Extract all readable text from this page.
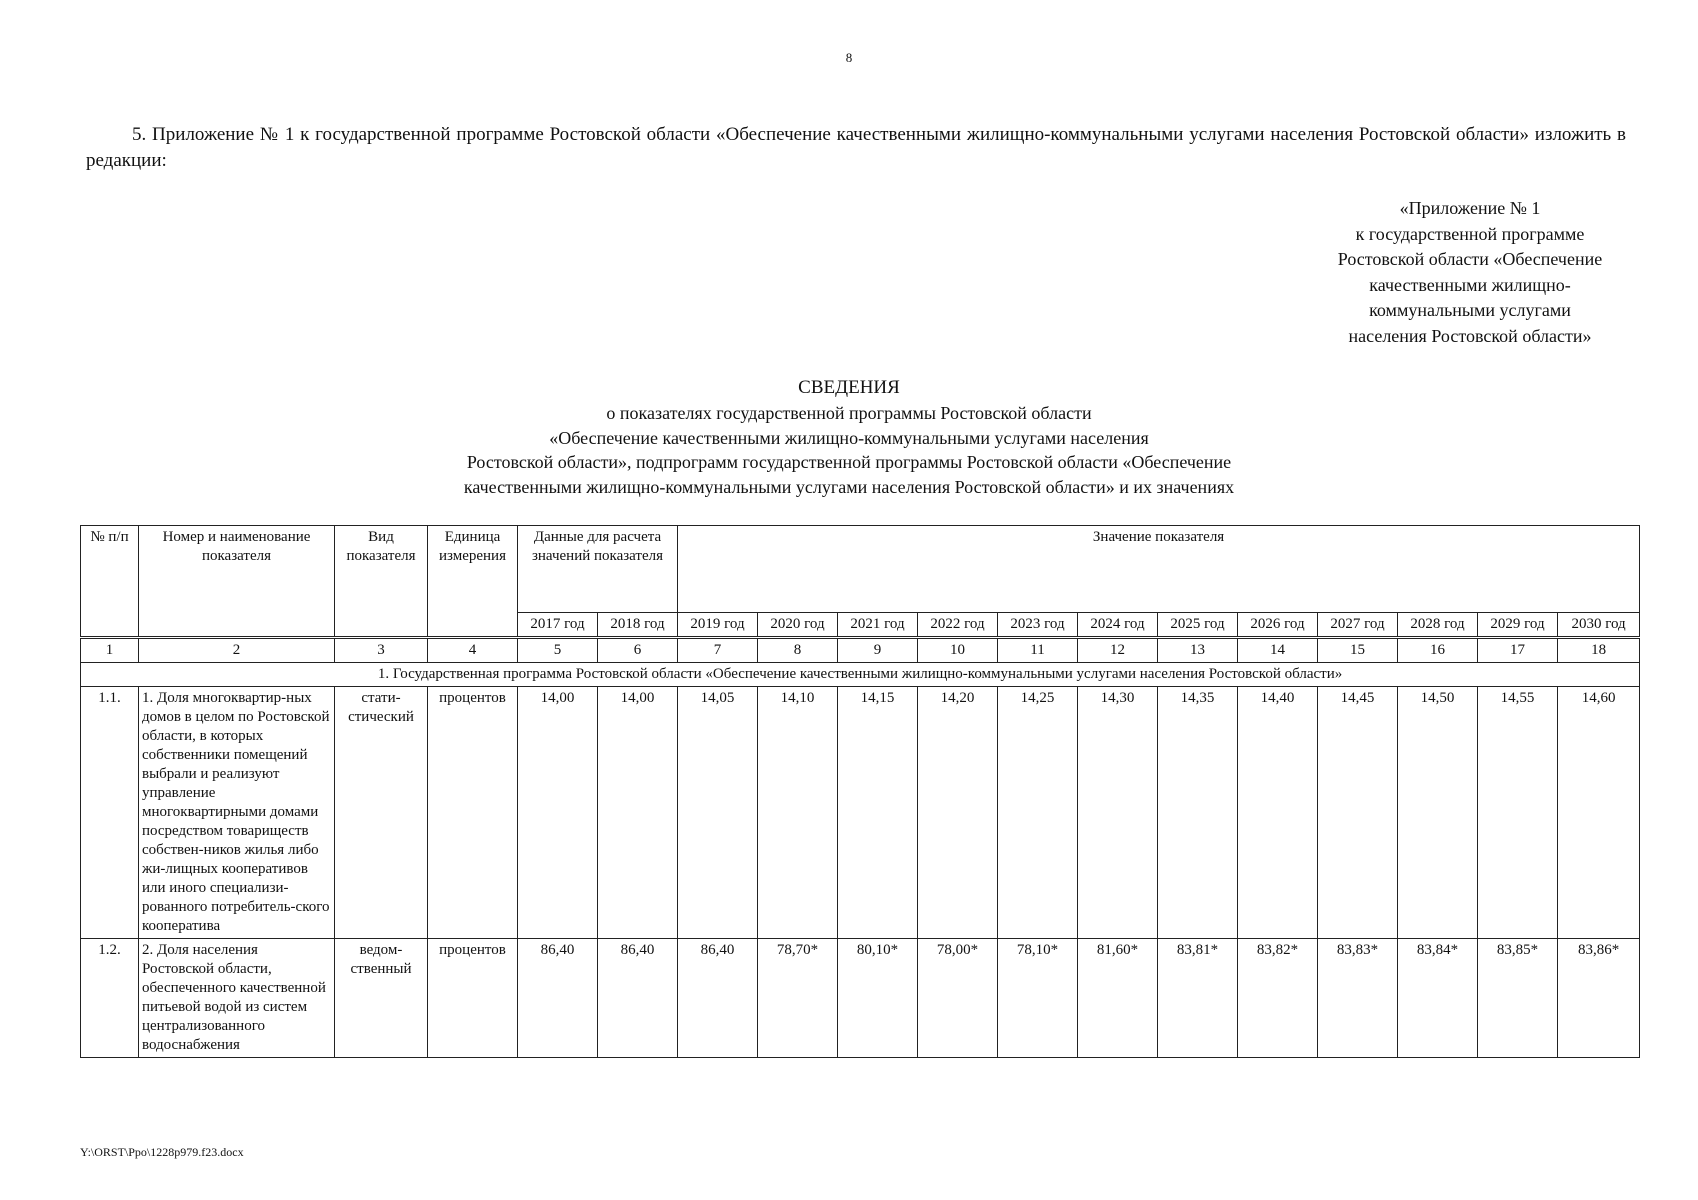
8
5. Приложение № 1 к государственной программе Ростовской области «Обеспечение качественными жилищно-коммунальными услугами населения Ростовской области» изложить в редакции:
«Приложение № 1
к государственной программе
Ростовской области «Обеспечение
качественными жилищно-
коммунальными услугами
населения Ростовской области»
СВЕДЕНИЯ
о показателях государственной программы Ростовской области
«Обеспечение качественными жилищно-коммунальными услугами населения
Ростовской области», подпрограмм государственной программы Ростовской области «Обеспечение
качественными жилищно-коммунальными услугами населения Ростовской области» и их значениях
№ п/п	Номер и наименование показателя	Вид показателя	Единица измерения	Данные для расчета значений показателя		Значение показателя											
				2017 год	2018 год	2019 год	2020 год	2021 год	2022 год	2023 год	2024 год	2025 год	2026 год	2027 год	2028 год	2029 год	2030 год
1	2	3	4	5	6	7	8	9	10	11	12	13	14	15	16	17	18
1. Государственная программа Ростовской области «Обеспечение качественными жилищно-коммунальными услугами населения Ростовской области»																	
1.1.	1. Доля многоквартир-ных домов в целом по Ростовской области, в которых собственники помещений выбрали и реализуют управление многоквартирными домами посредством товариществ собствен-ников жилья либо жи-лищных кооперативов или иного специализи-рованного потребитель-ского кооператива	стати-стический	процентов	14,00	14,00	14,05	14,10	14,15	14,20	14,25	14,30	14,35	14,40	14,45	14,50	14,55	14,60
1.2.	2. Доля населения Ростовской области, обеспеченного качественной питьевой водой из систем централизованного водоснабжения	ведом-ственный	процентов	86,40	86,40	86,40	78,70*	80,10*	78,00*	78,10*	81,60*	83,81*	83,82*	83,83*	83,84*	83,85*	83,86*
Y:\ORST\Ppo\1228p979.f23.docx
